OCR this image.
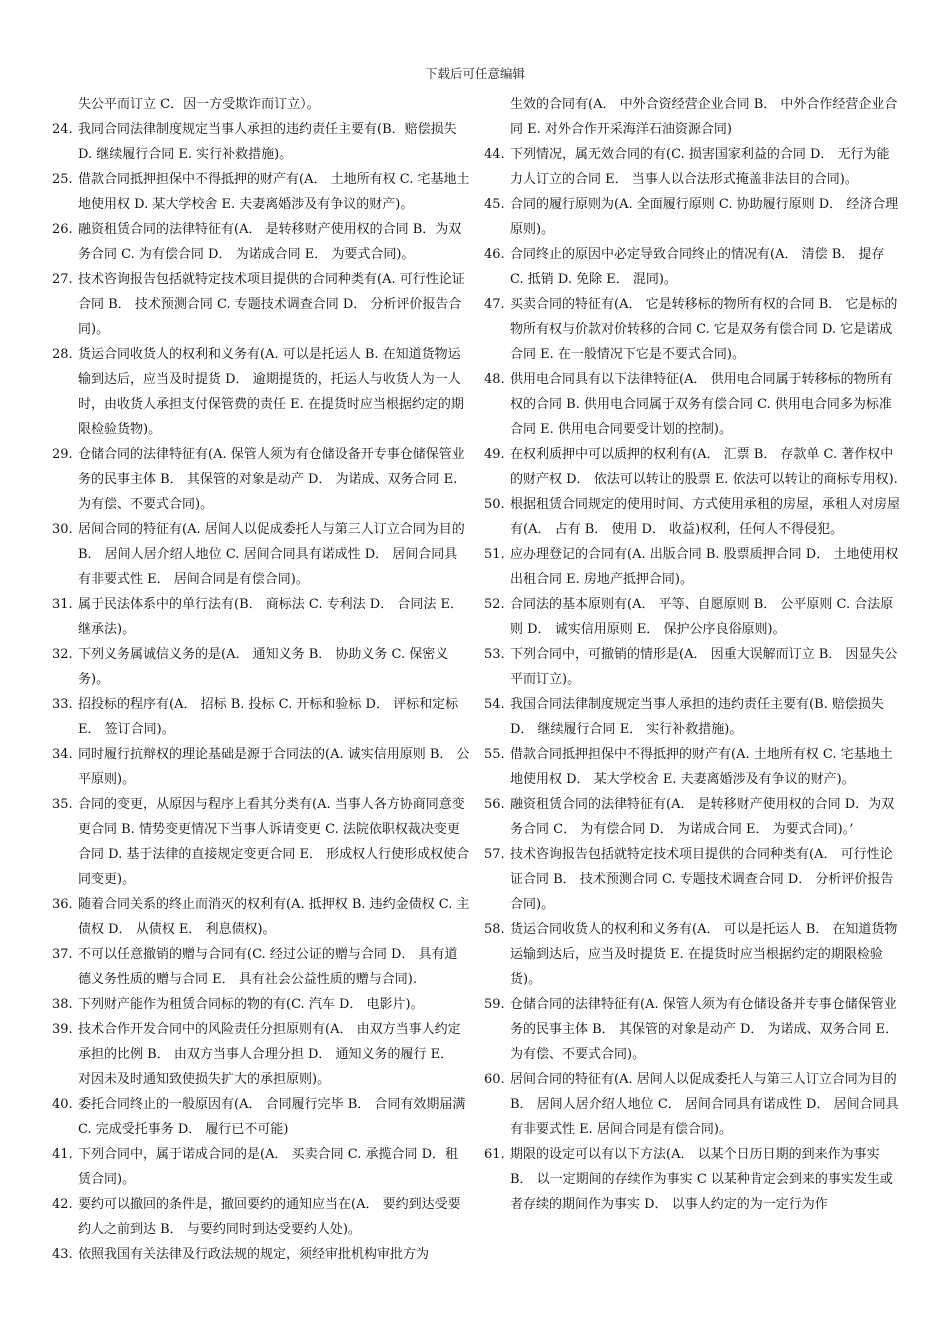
下载后可任意编辑
失公平而订立 C．因一方受欺诈而订立）。
24. 我同合同法律制度规定当事人承担的违约责任主要有(B．赔偿损失 D. 继续履行合同 E. 实行补救措施)。
25. 借款合同抵押担保中不得抵押的财产有(A． 土地所有权 C. 宅基地土地使用权 D. 某大学校舍 E. 夫妻离婚涉及有争议的财产)。
26. 融资租赁合同的法律特征有(A． 是转移财产使用权的合同 B．为双务合同 C. 为有偿合同 D． 为诺成合同 E． 为要式合同)。
27. 技术咨询报告包括就特定技术项目提供的合同种类有(A. 可行性论证合同 B． 技术预测合同 C. 专题技术调查合同 D． 分析评价报告合同)。
28. 货运合同收货人的权利和义务有(A. 可以是托运人 B. 在知道货物运输到达后，应当及时提货 D． 逾期提货的，托运人与收货人为一人时，由收货人承担支付保管费的责任 E. 在提货时应当根据约定的期限检验货物)。
29. 仓储合同的法律特征有(A. 保管人须为有仓储设备开专事仓储保管业务的民事主体 B． 其保管的对象是动产 D． 为诺成、双务合同 E. 为有偿、不要式合同)。
30. 居间合同的特征有(A. 居间人以促成委托人与第三人订立合同为目的 B． 居间人居介绍人地位 C. 居间合同具有诺成性 D． 居间合同具有非要式性 E． 居间合同是有偿合同)。
31. 属于民法体系中的单行法有(B． 商标法 C. 专利法 D． 合同法 E． 继承法)。
32. 下列义务属诚信义务的是(A． 通知义务 B． 协助义务 C. 保密义务)。
33. 招投标的程序有(A． 招标 B. 投标 C. 开标和验标 D． 评标和定标 E． 签订合同)。
34. 同时履行抗辩权的理论基础是源于合同法的(A. 诚实信用原则 B． 公平原则)。
35. 合同的变更，从原因与程序上看其分类有(A. 当事人各方协商同意变更合同 B. 情势变更情况下当事人诉请变更 C. 法院依职权裁决变更合同 D. 基于法律的直接规定变更合同 E． 形成权人行使形成权使合同变更)。
36. 随着合同关系的终止而消灭的权利有(A. 抵押权 B. 违约金债权 C. 主债权 D． 从债权 E． 利息债权)。
37. 不可以任意撤销的赠与合同有(C. 经过公证的赠与合同 D． 具有道德义务性质的赠与合同 E． 具有社会公益性质的赠与合同).
38. 下列财产能作为租赁合同标的物的有(C. 汽车 D． 电影片)。
39. 技术合作开发合同中的风险责任分担原则有(A． 由双方当事人约定承担的比例 B． 由双方当事人合理分担 D． 通知义务的履行 E． 对因未及时通知致使损失扩大的承担原则)。
40. 委托合同终止的一般原因有(A． 合同履行完毕 B． 合同有效期届满 C. 完成受托事务 D． 履行已不可能)
41. 下列合同中，属于诺成合同的是(A． 买卖合同 C. 承揽合同 D．租赁合同)。
42. 要约可以撤回的条件是，撤回要约的通知应当在(A． 要约到达受要约人之前到达 B． 与要约同时到达受要约人处)。
43. 依照我国有关法律及行政法规的规定，须经审批机构审批方为
生效的合同有(A． 中外合资经营企业合同 B． 中外合作经营企业合同 E. 对外合作开采海洋石油资源合同)
44. 下列情况，属无效合同的有(C. 损害国家利益的合同 D． 无行为能力人订立的合同 E． 当事人以合法形式掩盖非法目的合同)。
45. 合同的履行原则为(A. 全面履行原则 C. 协助履行原则 D． 经济合理原则)。
46. 合同终止的原因中必定导致合同终止的情况有(A． 清偿 B． 提存 C. 抵销 D. 免除 E． 混同)。
47. 买卖合同的特征有(A． 它是转移标的物所有权的合同 B． 它是标的物所有权与价款对价转移的合同 C. 它是双务有偿合同 D. 它是诺成合同 E. 在一般情况下它是不要式合同)。
48. 供用电合同具有以下法律特征(A． 供用电合同属于转移标的物所有权的合同 B. 供用电合同属于双务有偿合同 C. 供用电合同多为标准合同 E. 供用电合同要受计划的控制)。
49. 在权利质押中可以质押的权利有(A． 汇票 B． 存款单 C. 著作权中的财产权 D． 依法可以转让的股票 E. 依法可以转让的商标专用权).
50. 根据租赁合同规定的使用时间、方式使用承租的房屋，承租人对房屋有(A． 占有 B． 使用 D． 收益)权利，任何人不得侵犯。
51. 应办理登记的合同有(A. 出版合同 B. 股票质押合同 D． 土地使用权出租合同 E. 房地产抵押合同)。
52. 合同法的基本原则有(A． 平等、自愿原则 B． 公平原则 C. 合法原则 D． 诚实信用原则 E． 保护公序良俗原则)。
53. 下列合同中，可撤销的情形是(A． 因重大误解而订立 B． 因显失公平而订立)。
54. 我国合同法律制度规定当事人承担的违约责任主要有(B. 赔偿损失 D． 继续履行合同 E． 实行补救措施)。
55. 借款合同抵押担保中不得抵押的财产有(A. 土地所有权 C. 宅基地土地使用权 D． 某大学校舍 E. 夫妻离婚涉及有争议的财产)。
56. 融资租赁合同的法律特征有(A． 是转移财产使用权的合同 D．为双务合同 C． 为有偿合同 D． 为诺成合同 E． 为要式合同)。’
57. 技术咨询报告包括就特定技术项目提供的合同种类有(A． 可行性论证合同 B． 技术预测合同 C. 专题技术调查合同 D． 分析评价报告合同)。
58. 货运合同收货人的权利和义务有(A． 可以是托运人 B． 在知道货物运输到达后，应当及时提货 E. 在提货时应当根据约定的期限检验货)。
59. 仓储合同的法律特征有(A. 保管人须为有仓储设备并专事仓储保管业务的民事主体 B． 其保管的对象是动产 D． 为诺成、双务合同 E． 为有偿、不要式合同)。
60. 居间合同的特征有(A. 居间人以促成委托人与第三人订立合同为目的 B． 居间人居介绍人地位 C． 居间合同具有诺成性 D． 居间合同具有非要式性 E. 居间合同是有偿合同)。
61. 期限的设定可以有以下方法(A． 以某个日历日期的到来作为事实 B． 以一定期间的存续作为事实 C 以某种肯定会到来的事实发生或者存续的期间作为事实 D． 以事人约定的为一定行为作
